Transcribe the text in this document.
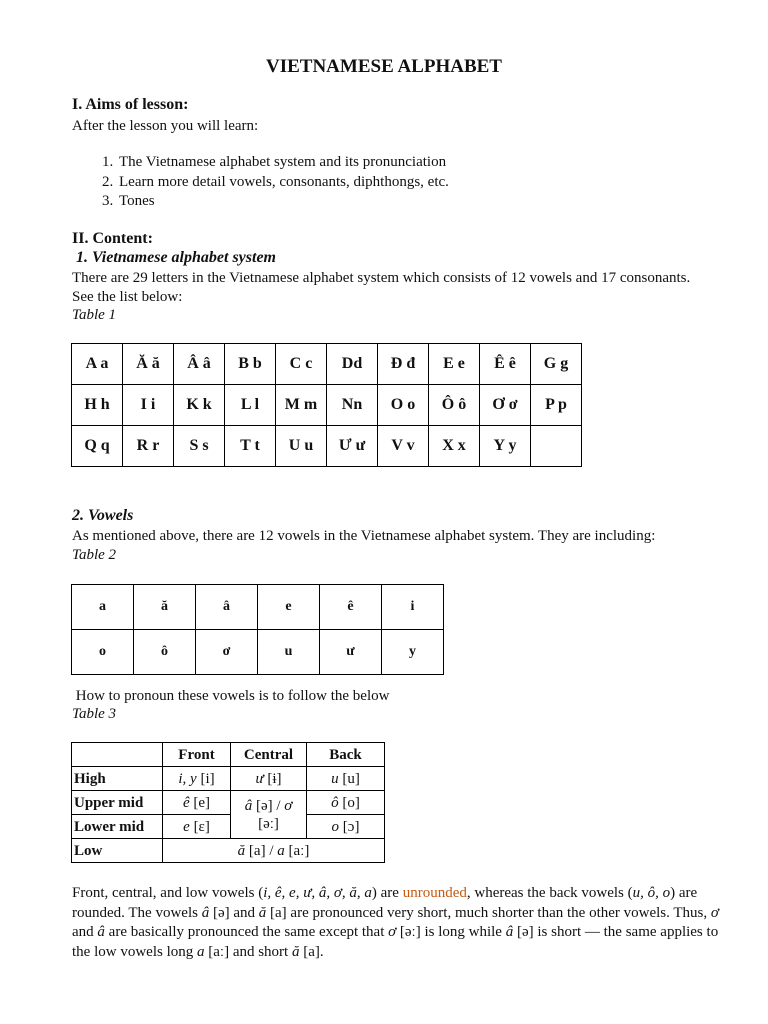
VIETNAMESE ALPHABET
I. Aims of lesson:
After the lesson you will learn:
1. The Vietnamese alphabet system and its pronunciation
2. Learn more detail vowels, consonants, diphthongs, etc.
3. Tones
II. Content:
1. Vietnamese alphabet system
There are 29 letters in the Vietnamese alphabet system which consists of 12 vowels and 17 consonants. See the list below:
Table 1
A a	Ă ă	Â â	B b	C c	Dd	Đ đ	E e	Ê ê	G g
H h	I i	K k	L l	M m	Nn	O o	Ô ô	Ơ ơ	P p
Q q	R r	S s	T t	U u	Ư ư	V v	X x	Y y	
2. Vowels
As mentioned above, there are 12 vowels in the Vietnamese alphabet system. They are including:
Table 2
a	ă	â	e	ê	i
o	ô	ơ	u	ư	y
How to pronoun these vowels is to follow the below
Table 3
	Front	Central	Back
High	i, y [i]	ư [ɨ]	u [u]
Upper mid	ê [e]	â [ə] / ơ [əː]	ô [o]
Lower mid	e [ɛ]		o [ɔ]
Low	ă [a] / a [aː]		
Front, central, and low vowels (i, ê, e, ư, â, ơ, ă, a) are unrounded, whereas the back vowels (u, ô, o) are rounded. The vowels â [ə] and ă [a] are pronounced very short, much shorter than the other vowels. Thus, ơ and â are basically pronounced the same except that ơ [əː] is long while â [ə] is short — the same applies to the low vowels long a [aː] and short ă [a].
